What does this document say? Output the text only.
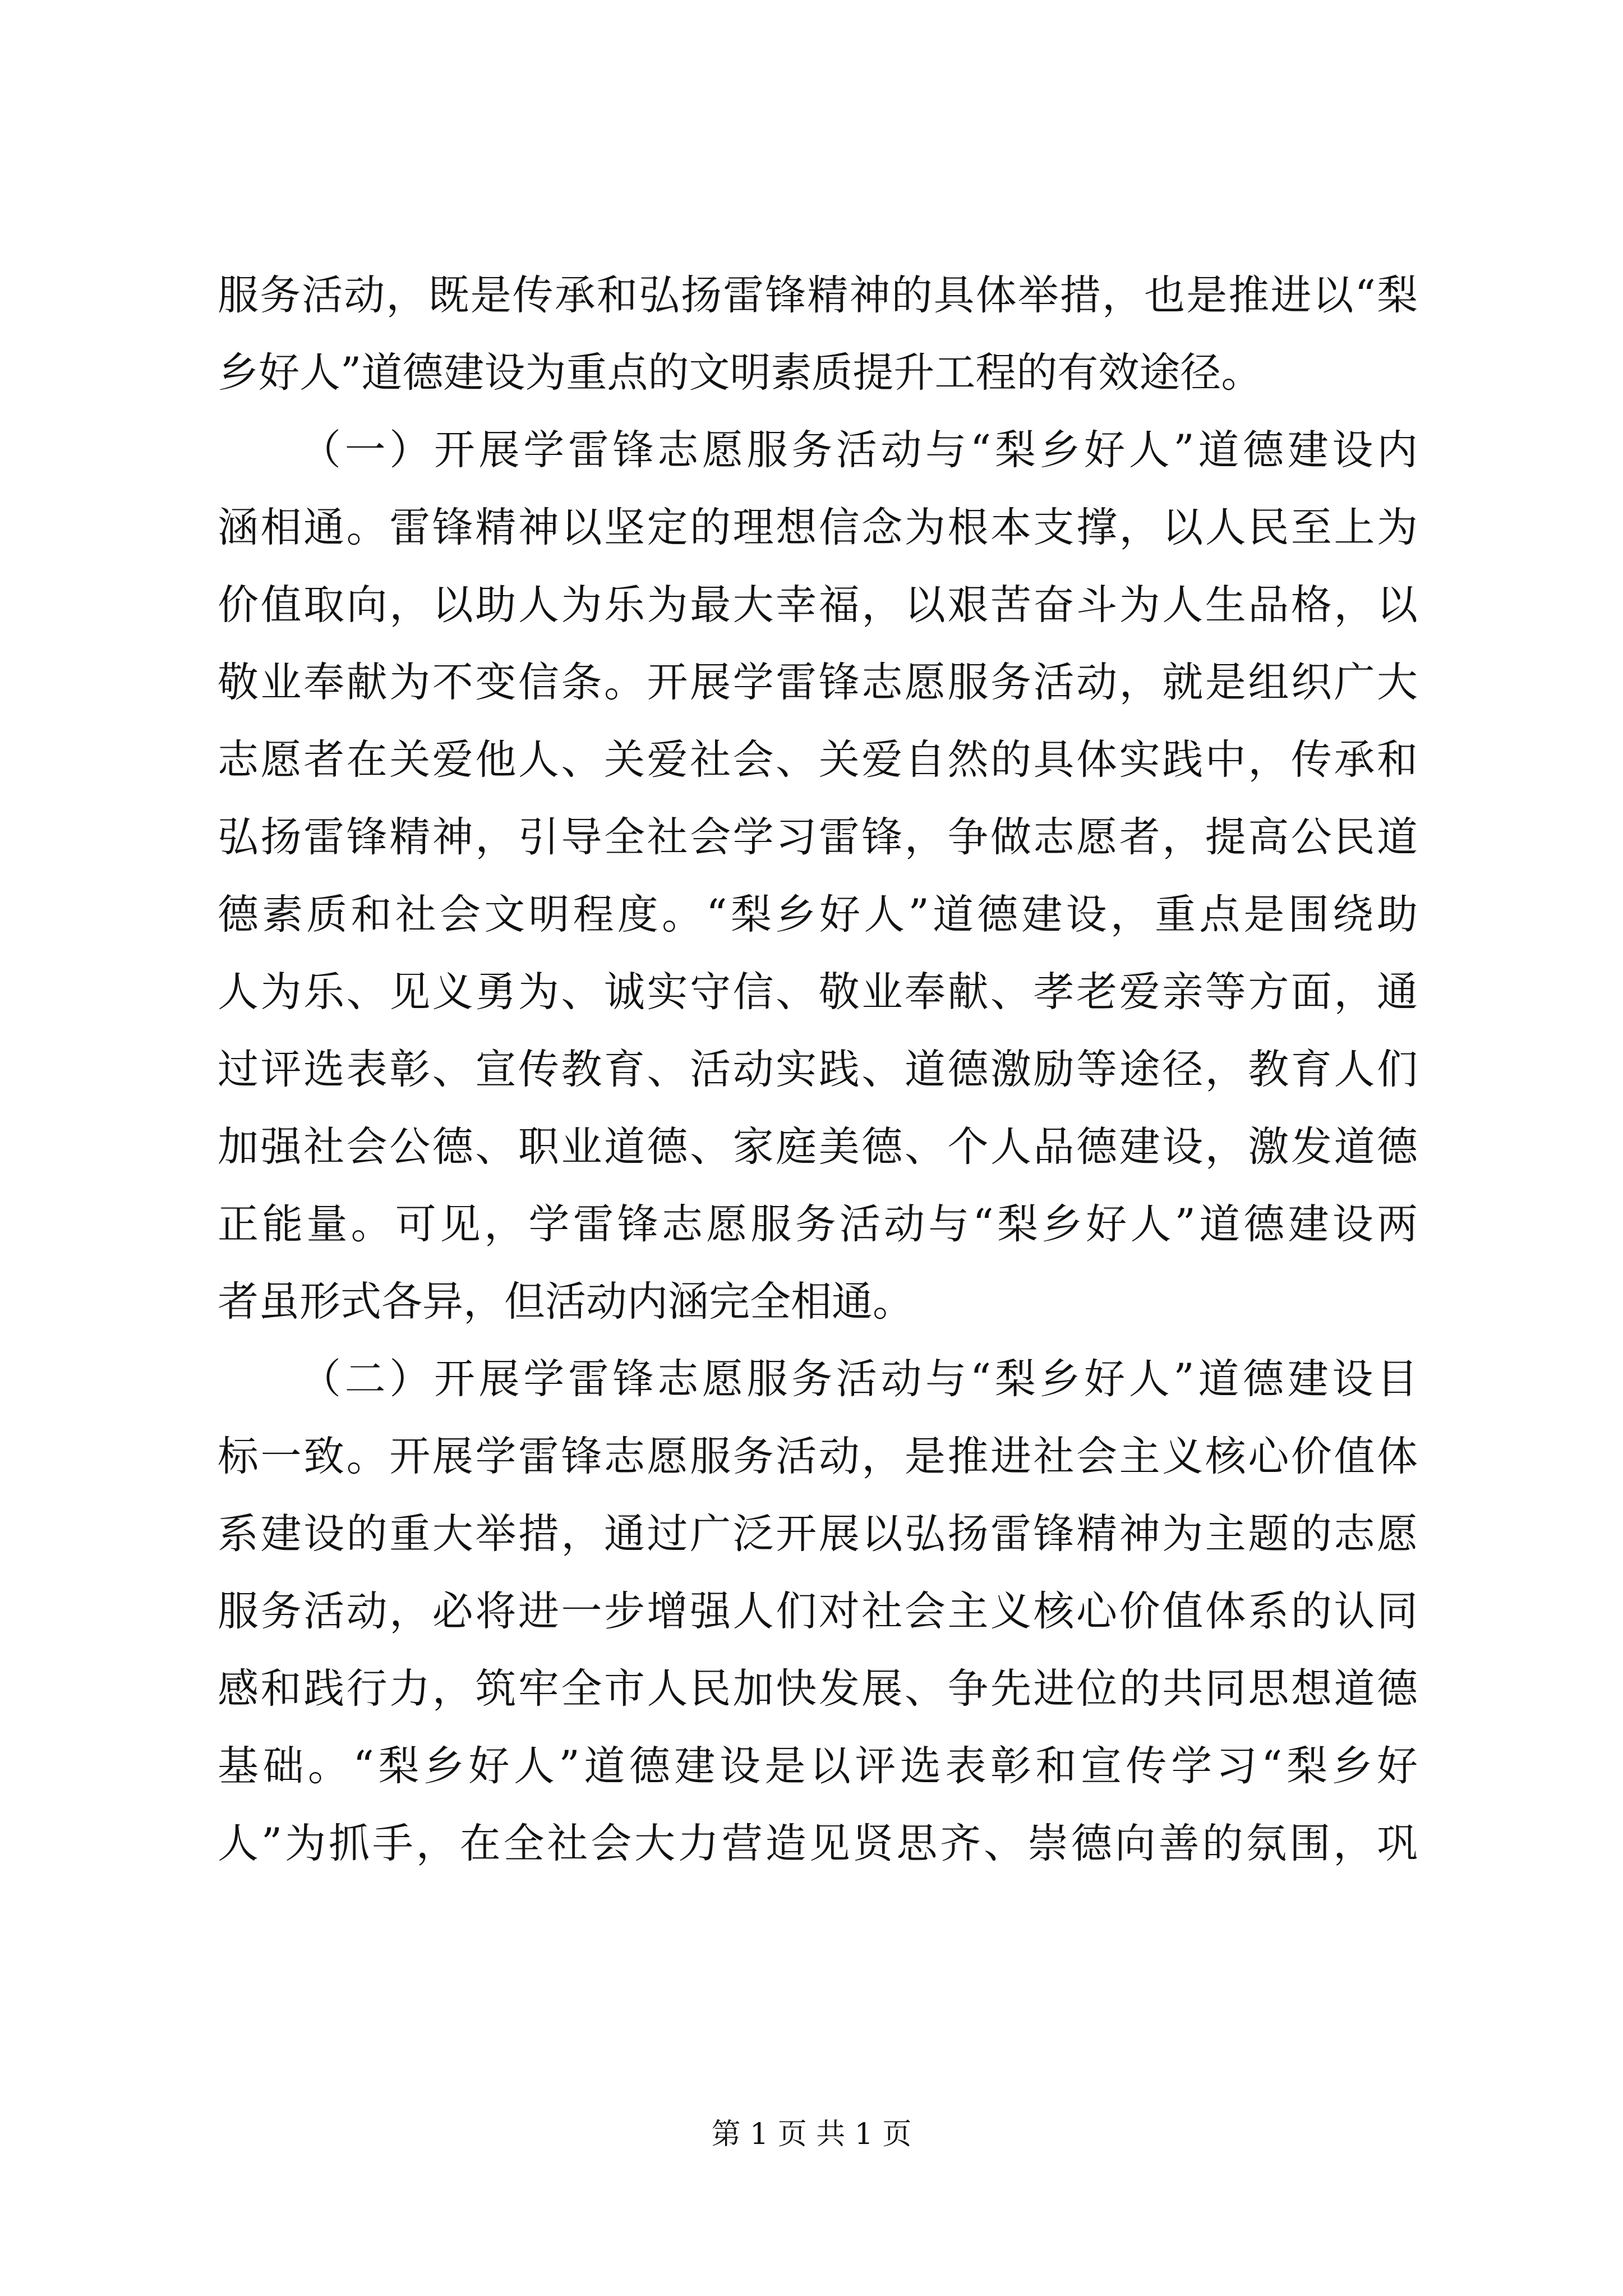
服务活动，既是传承和弘扬雷锋精神的具体举措，也是推进以“梨
乡好人”道德建设为重点的文明素质提升工程的有效途径。
（一）开展学雷锋志愿服务活动与“梨乡好人”道德建设内
涵相通。雷锋精神以坚定的理想信念为根本支撑，以人民至上为
价值取向，以助人为乐为最大幸福，以艰苦奋斗为人生品格，以
敬业奉献为不变信条。开展学雷锋志愿服务活动，就是组织广大
志愿者在关爱他人、关爱社会、关爱自然的具体实践中，传承和
弘扬雷锋精神，引导全社会学习雷锋，争做志愿者，提高公民道
德素质和社会文明程度。“梨乡好人”道德建设，重点是围绕助
人为乐、见义勇为、诚实守信、敬业奉献、孝老爱亲等方面，通
过评选表彰、宣传教育、活动实践、道德激励等途径，教育人们
加强社会公德、职业道德、家庭美德、个人品德建设，激发道德
正能量。可见，学雷锋志愿服务活动与“梨乡好人”道德建设两
者虽形式各异，但活动内涵完全相通。
（二）开展学雷锋志愿服务活动与“梨乡好人”道德建设目
标一致。开展学雷锋志愿服务活动，是推进社会主义核心价值体
系建设的重大举措，通过广泛开展以弘扬雷锋精神为主题的志愿
服务活动，必将进一步增强人们对社会主义核心价值体系的认同
感和践行力，筑牢全市人民加快发展、争先进位的共同思想道德
基础。“梨乡好人”道德建设是以评选表彰和宣传学习“梨乡好
人”为抓手，在全社会大力营造见贤思齐、崇德向善的氛围，巩
第 1 页 共 1 页
